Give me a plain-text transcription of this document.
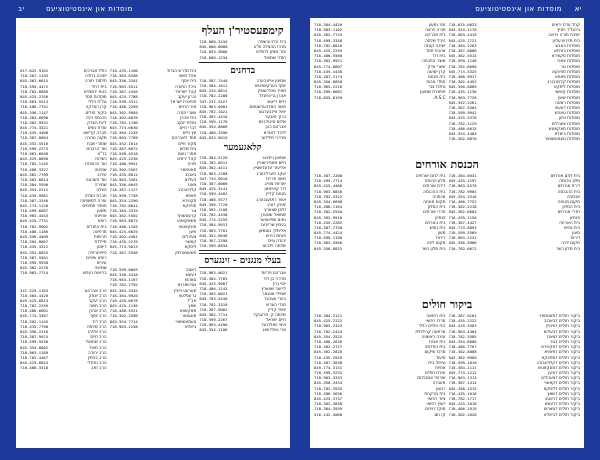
יב	מוסדות און אינסטיטוציעס	יא
מוסדות און אינסטיטוציעס
קימפעסטיר'ן העלף
718-000-3434	בית הלוי ובשפה
845-000-0000	מרכז ההצלה ש"ע
718-853-9800	עזר מציון לחולים
718-000-1234	חסדי שמואל
בדחנים
718-387-7440	שמעון אייזנבערג
718-384-1611	יוסף בערקאוויטש
845-234-8812	מאיר גאלדשטיין
718-782-2288	אהרן גרינפעלד
347-232-5527	חיים דייטש
718-963-0981	משה האלבערשטאם
845-782-1021	יואל וויינבערגער
718-302-4410	ברוך זאבער
718-599-1178	שלום טייטלבוים
845-354-8866	אברהם כהן
718-486-3390	לייבל לאנדא
845-633-9015	מרדכי מיללער
קלאגעמער
718-384-5720	שמעון נייבוער
718-782-6612	חיים סאפירשטיין
845-362-4411	אליעזר עדעלשטיין
718-963-2288	יעקב פערלבערג
347-743-9010	משה פריינד
718-387-0066	ישראל צווייג
845-425-3141	דוד קויפמאן
718-599-4402	מנחם קליין
718-486-5577	אשר ראזענבערג
845-356-7720	יצחק רובין
718-302-1108	זלמן שווארץ
718-782-4430	שמואל שטערן
845-774-2255	נחום שפיטצער
718-384-9913	בנימין שרייבער
718-963-7701	אלימלך גוטמאן
845-352-6648	פנחס הירש
718-387-2290	יהודה ווייס
718-599-8834	שלמה זילבער
בעלי מנגנים - זינגערס
718-963-0021	אברהם פריעד
718-384-7765	מרדכי בן דוד
845-425-9087	יוסי גרין
718-486-1143	לייזער שווארץ
718-302-6621	שמילי אונגאר
845-783-5540	בערי וועבער
718-782-3318	מנדי הערש
718-387-9002	יואלי קליין
845-362-7714	שלמה ק. פרענקל
718-599-2267	חיים ישראל
718-963-4490	איצי וואלדנער
845-354-1186	ארי גאלדוואג
718-435-1100	בית מדרש הגדול
718-384-6260	אהל משה
845-356-3201	בית יוסף
718-963-5511	היכל התורה
718-387-4450	קהל ישראל
845-425-7788	זכרון יעקב
718-599-3312	תפארת ישראל
718-486-2209	אור החיים
845-362-9904	שערי תורה
718-302-8876	בית אהרן
718-782-1190	נחלת יעקב
845-774-6630	דברי חיים
718-384-2245	עץ חיים
718-963-7789	חסד לאברהם
845-352-1014	מקור חיים
718-387-6672	בית שלום
718-599-4518	אמרי נועם
845-425-2230	קהל יראים
718-486-9941	ויזניץ
718-302-5567	סאטמאר
718-435-8812	באבוב
718-963-3301	בעלזא
845-356-6645	צאנז
718-387-1127	קלויזנבורג
718-599-7758	פאפא
845-354-2290	סקווירא
718-782-6641	ספינקא
718-384-3319	גור
845-362-5502	קרעטשניף
718-963-8874	טשאקאווע
718-486-1103	מונקאטש
845-425-6629	וויען
718-302-4481	צעהלים
718-435-2270	קאשוי
845-774-9013	ליסקא
718-387-5546	פשעווארסק
718-599-6603	ראטה
845-356-4418	דעעש
718-963-1167	טאהש
718-782-7792	נאדווארנא
845-362-3345	סערעט ויזניץ
718-384-9920	ברעסלעוו
718-435-6678	חב"ד
845-425-1136	שאץ
718-486-5521	מאקאווא
718-302-3390	אונגוואר
845-354-7714	טעמעשוואר
718-963-2258	ביאלא
917-822-9102	כולל אברכים
718-387-1193	ישיבה גדולה
845-362-6615	תלמוד תורה
718-599-4472	בית רחל
718-782-8809	בנות ירושלים
845-425-2256	מוסדות חסד
718-963-5513	גמ"ח כללי
718-486-7701	קרן הצדקה
845-356-1147	ביקור חולים
718-384-6690	הכנסת כלה
718-302-9932	לינת הצדק
845-774-3321	עזרת נשים
718-435-4408	חברה קדישא
718-387-8864	מקוה טהרה
845-352-5516	שומרי שבת
718-599-2273	ועד הרבנים
718-963-6648	בד"צ
845-425-8890	כשרות
718-782-1145	ועד הכשרות
718-486-3327	שחיטה
845-362-7709	עירוב
718-302-6614	ועד השכונה
718-384-5590	שמירה
845-354-2212	הצלה
718-435-9981	חברת הצלה
718-387-3346	עזרה למשפחה
845-774-1120	תומכי תמימים
718-599-6687	משען
718-963-4453	אחיעזר
845-425-7731	רופא
718-782-9902	בית החולים
718-486-1186	מרפאה
845-356-4409	תרופות
718-302-8867	מיילדת
718-435-3312	דיאטן
845-352-6625	פיזיותרפיה
718-387-5501	רופא שיניים
718-599-9938	עיניים
845-362-2270	שמיעה
718-963-7714	בריאות הנפש
347-529-1163	הרב אברהם
718-384-4426	הרב יצחק
845-425-8813	הרב יעקב
718-782-2259	הרב משה
718-486-6601	הרב אהרן
845-774-3387	הרב יוסף
718-302-1145	הרב דוד
718-435-7790	הרב שלמה
845-356-2216	הרב אליהו
718-387-9974	הרב חיים
718-599-5530	הרב שמואל
845-354-8802	הרב מאיר
718-963-1189	הרב יהודה
718-782-4467	הרב בנימין
845-425-6643	הרב נפתלי
718-486-3318	הרב זאב
718-625-0023	קהל עדת יראים
845-354-1170	ביהמ"ד ויזניץ
718-963-4419	ישיבת תורה ויראה
845-425-7721	בית מדרש עליון
718-384-2263	מוסדות באבוב
718-387-8806	מוסדות בעלזא
845-362-5514	מוסדות סקווירא
718-599-1148	מוסדות צאנז
718-782-6690	מוסדות גור
845-774-3325	מוסדות ספינקא
718-486-9917	מוסדות פאפא
718-302-4452	מוסדות קלויזנבורג
845-356-8809	מוסדות ליסקא
718-435-1136	מוסדות קאשוי
718-963-7728	מוסדות שאץ
845-352-2261	מוסדות ראטה
718-387-5504	מוסדות דעעש
718-599-9942	מוסדות טאהש
845-425-3376	מוסדות וויען
718-782-1129	מוסדות צעהלים
718-486-6615	מוסדות מונקאטש
845-354-4483	מוסדות ביאלא
718-302-8870	מוסדות טעמעשוואר
718-384-4420	עזר ומעון
718-963-1102	תורה ויראה
845-362-7743	בית אברהם
718-599-3358	היכל שלמה
718-782-8816	ישיבה קטנה
845-425-2294	אהבת חסד
718-486-5560	בית דוד
718-302-9921	אוצר החכמה
845-774-6607	שערי צדק
718-435-4438	קרן ישועה
718-387-1174	בית מנחם
845-356-8850	חסדי אבות
718-963-2216	נחלת צבי
718-599-6682	תפארת שמעון
718-855-8199	A.S.C.
הכנסת אורחים
718-384-6631	בית לחם אורחים
845-425-1197	מלון הכנסה
718-963-5578	דירת אורחים
718-782-9904	בית ההכנסה
845-354-3316	אכסניה
718-486-7752	מקום מנוחה
718-302-2218	בית המלון
845-362-6684	חדרי אורחים
718-435-1150	פנסיון
718-387-4427	בית הארחה
845-774-8893	בית נופש
718-599-5569	מעון
718-963-2231	דירות
845-356-9906	מקום לינה
718-782-6672	בית מלון כשר
718-387-2208	בית לחם אורחים
718-599-7714	מלון הכנסה
845-425-4480	דירת אורחים
718-963-8856	בית ההכנסה
718-782-3322	אכסניה
845-354-6698	מקום מנוחה
718-486-1164	בית המלון
718-302-5540	חדרי אורחים
845-362-9916	פנסיון
718-435-2282	בית הארחה
718-387-7758	בית נופש
845-774-4424	מעון
718-599-1190	דירות
718-963-5566	מקום לינה
845-356-8832	בית מלון כשר
ביקור חולים
718-387-0101	ביקור חולים דסאטמאר
718-435-2222	ביקור חולים דבאבוב
845-425-3303	ביקור חולים דוויזניץ
718-963-4404	ביקור חולים דבעלזא
718-782-5505	ביקור חולים דצאנז
845-354-6606	ביקור חולים דגור
718-486-7707	ביקור חולים דסקווירא
718-302-8808	ביקור חולים דפאפא
845-362-9909	ביקור חולים דספינקא
718-599-1010	ביקור חולים דקלויזנבורג
718-384-1111	ביקור חולים דמונקאטש
845-774-1212	ביקור חולים דוויען
718-963-1313	ביקור חולים דצעהלים
718-387-1414	ביקור חולים דקאשוי
845-356-1515	ביקור חולים דליסקא
718-435-1616	ביקור חולים דשאץ
718-782-1717	ביקור חולים דראטה
845-425-1818	ביקור חולים דדעעש
718-486-1919	ביקור חולים דטאהש
718-302-2020	ביקור חולים דביאלא
718-384-2121	בית רפואה
845-425-2222	מרכז רפואי
718-963-2323	בית חולים כללי
718-782-2424	מרפאה קהילתית
845-354-2525	עזרה ראשונה
718-486-2626	בית אבות
718-302-2727	בית החלמה
845-362-2828	מרכז שיקום
718-435-2929	סיעוד
718-387-3030	טיפול בית
845-774-3131	אחיות
718-599-3232	עזרת חולים
718-963-3333	שירותי אמבולנס
845-356-3434	מעבדה
718-782-3535	רנטגן
718-486-3636	בית מרקחת
845-425-3737	ציוד רפואי
718-302-3838	ייעוץ רפואי
718-384-3939	מוקד חירום
516-242-5068	קו חם
